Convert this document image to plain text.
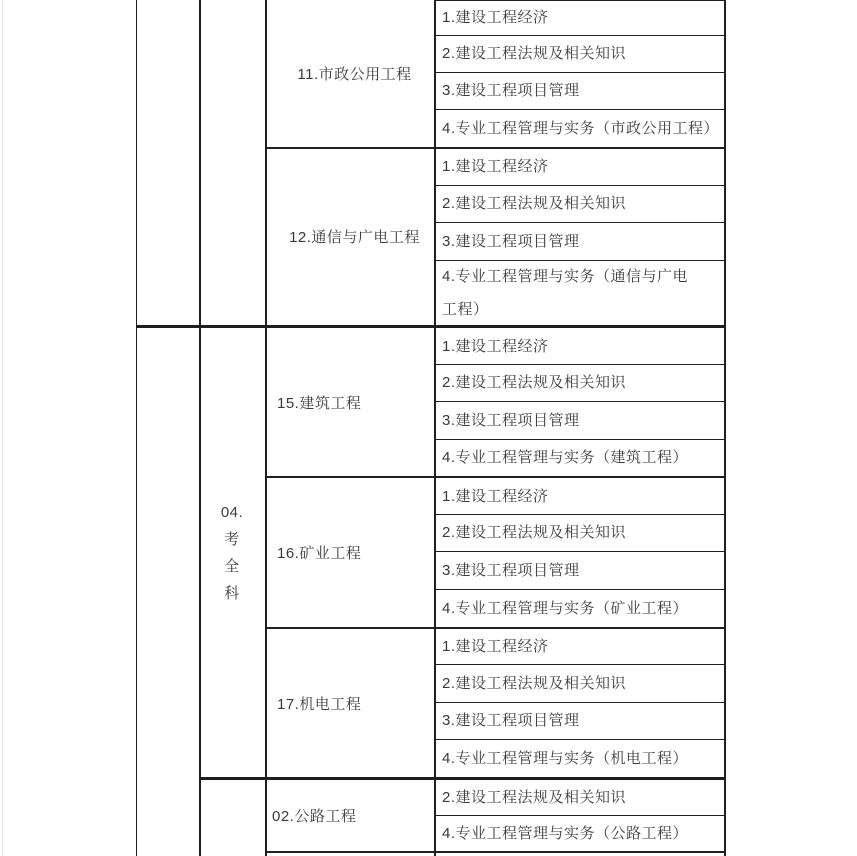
11.市政公用工程
1.建设工程经济
2.建设工程法规及相关知识
3.建设工程项目管理
4.专业工程管理与实务（市政公用工程）
12.通信与广电工程
1.建设工程经济
2.建设工程法规及相关知识
3.建设工程项目管理
4.专业工程管理与实务（通信与广电工程）
15.建筑工程
1.建设工程经济
2.建设工程法规及相关知识
3.建设工程项目管理
4.专业工程管理与实务（建筑工程）
16.矿业工程
1.建设工程经济
2.建设工程法规及相关知识
3.建设工程项目管理
4.专业工程管理与实务（矿业工程）
17.机电工程
1.建设工程经济
2.建设工程法规及相关知识
3.建设工程项目管理
4.专业工程管理与实务（机电工程）
02.公路工程
2.建设工程法规及相关知识
4.专业工程管理与实务（公路工程）
04.
考
全
科
